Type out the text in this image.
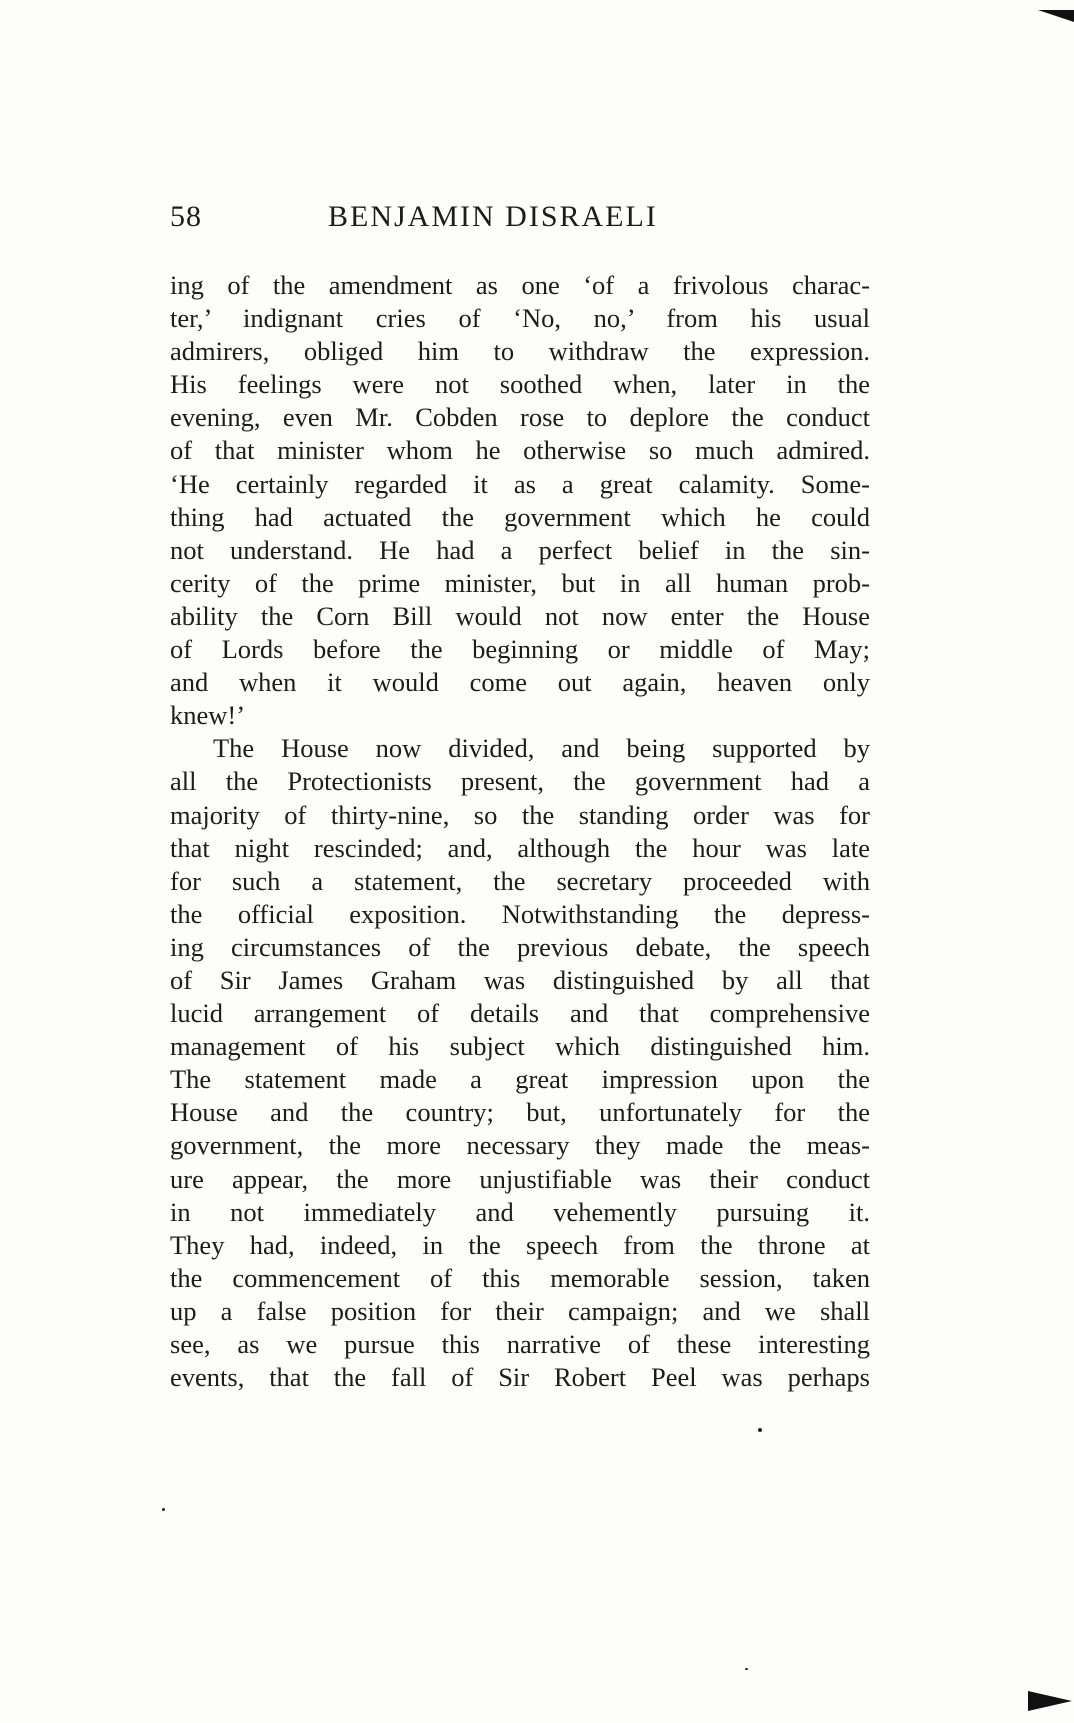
58	BENJAMIN DISRAELI
ing of the amendment as one ‘of a frivolous charac-
ter,’ indignant cries of ‘No, no,’ from his usual
admirers, obliged him to withdraw the expression.
His feelings were not soothed when, later in the
evening, even Mr. Cobden rose to deplore the conduct
of that minister whom he otherwise so much admired.
‘He certainly regarded it as a great calamity. Some-
thing had actuated the government which he could
not understand. He had a perfect belief in the sin-
cerity of the prime minister, but in all human prob-
ability the Corn Bill would not now enter the House
of Lords before the beginning or middle of May;
and when it would come out again, heaven only
knew!’
The House now divided, and being supported by
all the Protectionists present, the government had a
majority of thirty-nine, so the standing order was for
that night rescinded; and, although the hour was late
for such a statement, the secretary proceeded with
the official exposition. Notwithstanding the depress-
ing circumstances of the previous debate, the speech
of Sir James Graham was distinguished by all that
lucid arrangement of details and that comprehensive
management of his subject which distinguished him.
The statement made a great impression upon the
House and the country; but, unfortunately for the
government, the more necessary they made the meas-
ure appear, the more unjustifiable was their conduct
in not immediately and vehemently pursuing it.
They had, indeed, in the speech from the throne at
the commencement of this memorable session, taken
up a false position for their campaign; and we shall
see, as we pursue this narrative of these interesting
events, that the fall of Sir Robert Peel was perhaps
